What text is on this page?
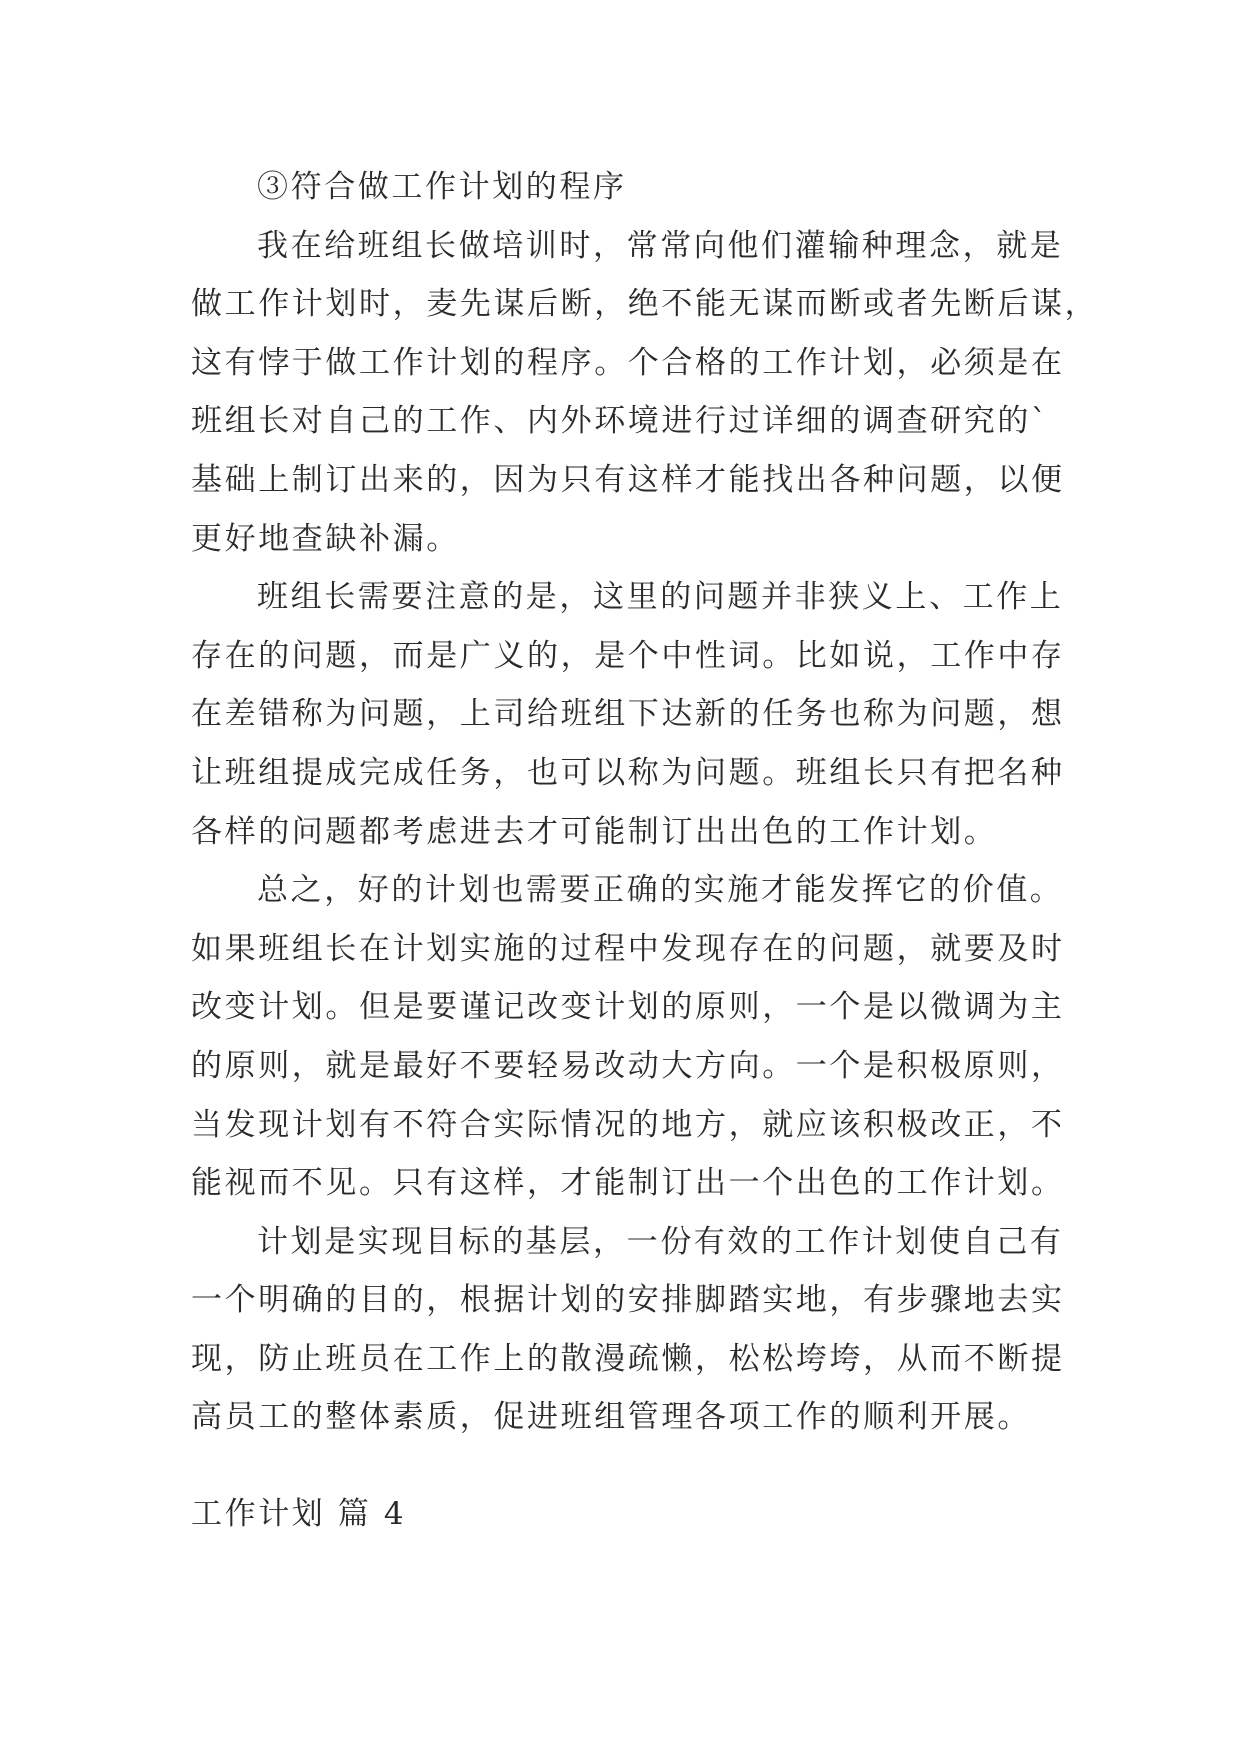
③符合做工作计划的程序
我在给班组长做培训时，常常向他们灌输种理念，就是
做工作计划时，麦先谋后断，绝不能无谋而断或者先断后谋，
这有悖于做工作计划的程序。个合格的工作计划，必须是在
班组长对自己的工作、内外环境进行过详细的调查研究的`
基础上制订出来的，因为只有这样才能找出各种问题，以便
更好地查缺补漏。
班组长需要注意的是，这里的问题并非狭义上、工作上
存在的问题，而是广义的，是个中性词。比如说，工作中存
在差错称为问题，上司给班组下达新的任务也称为问题，想
让班组提成完成任务，也可以称为问题。班组长只有把名种
各样的问题都考虑进去才可能制订出出色的工作计划。
总之，好的计划也需要正确的实施才能发挥它的价值。
如果班组长在计划实施的过程中发现存在的问题，就要及时
改变计划。但是要谨记改变计划的原则，一个是以微调为主
的原则，就是最好不要轻易改动大方向。一个是积极原则，
当发现计划有不符合实际情况的地方，就应该积极改正，不
能视而不见。只有这样，才能制订出一个出色的工作计划。
计划是实现目标的基层，一份有效的工作计划使自己有
一个明确的目的，根据计划的安排脚踏实地，有步骤地去实
现，防止班员在工作上的散漫疏懒，松松垮垮，从而不断提
高员工的整体素质，促进班组管理各项工作的顺利开展。
工作计划 篇 4
